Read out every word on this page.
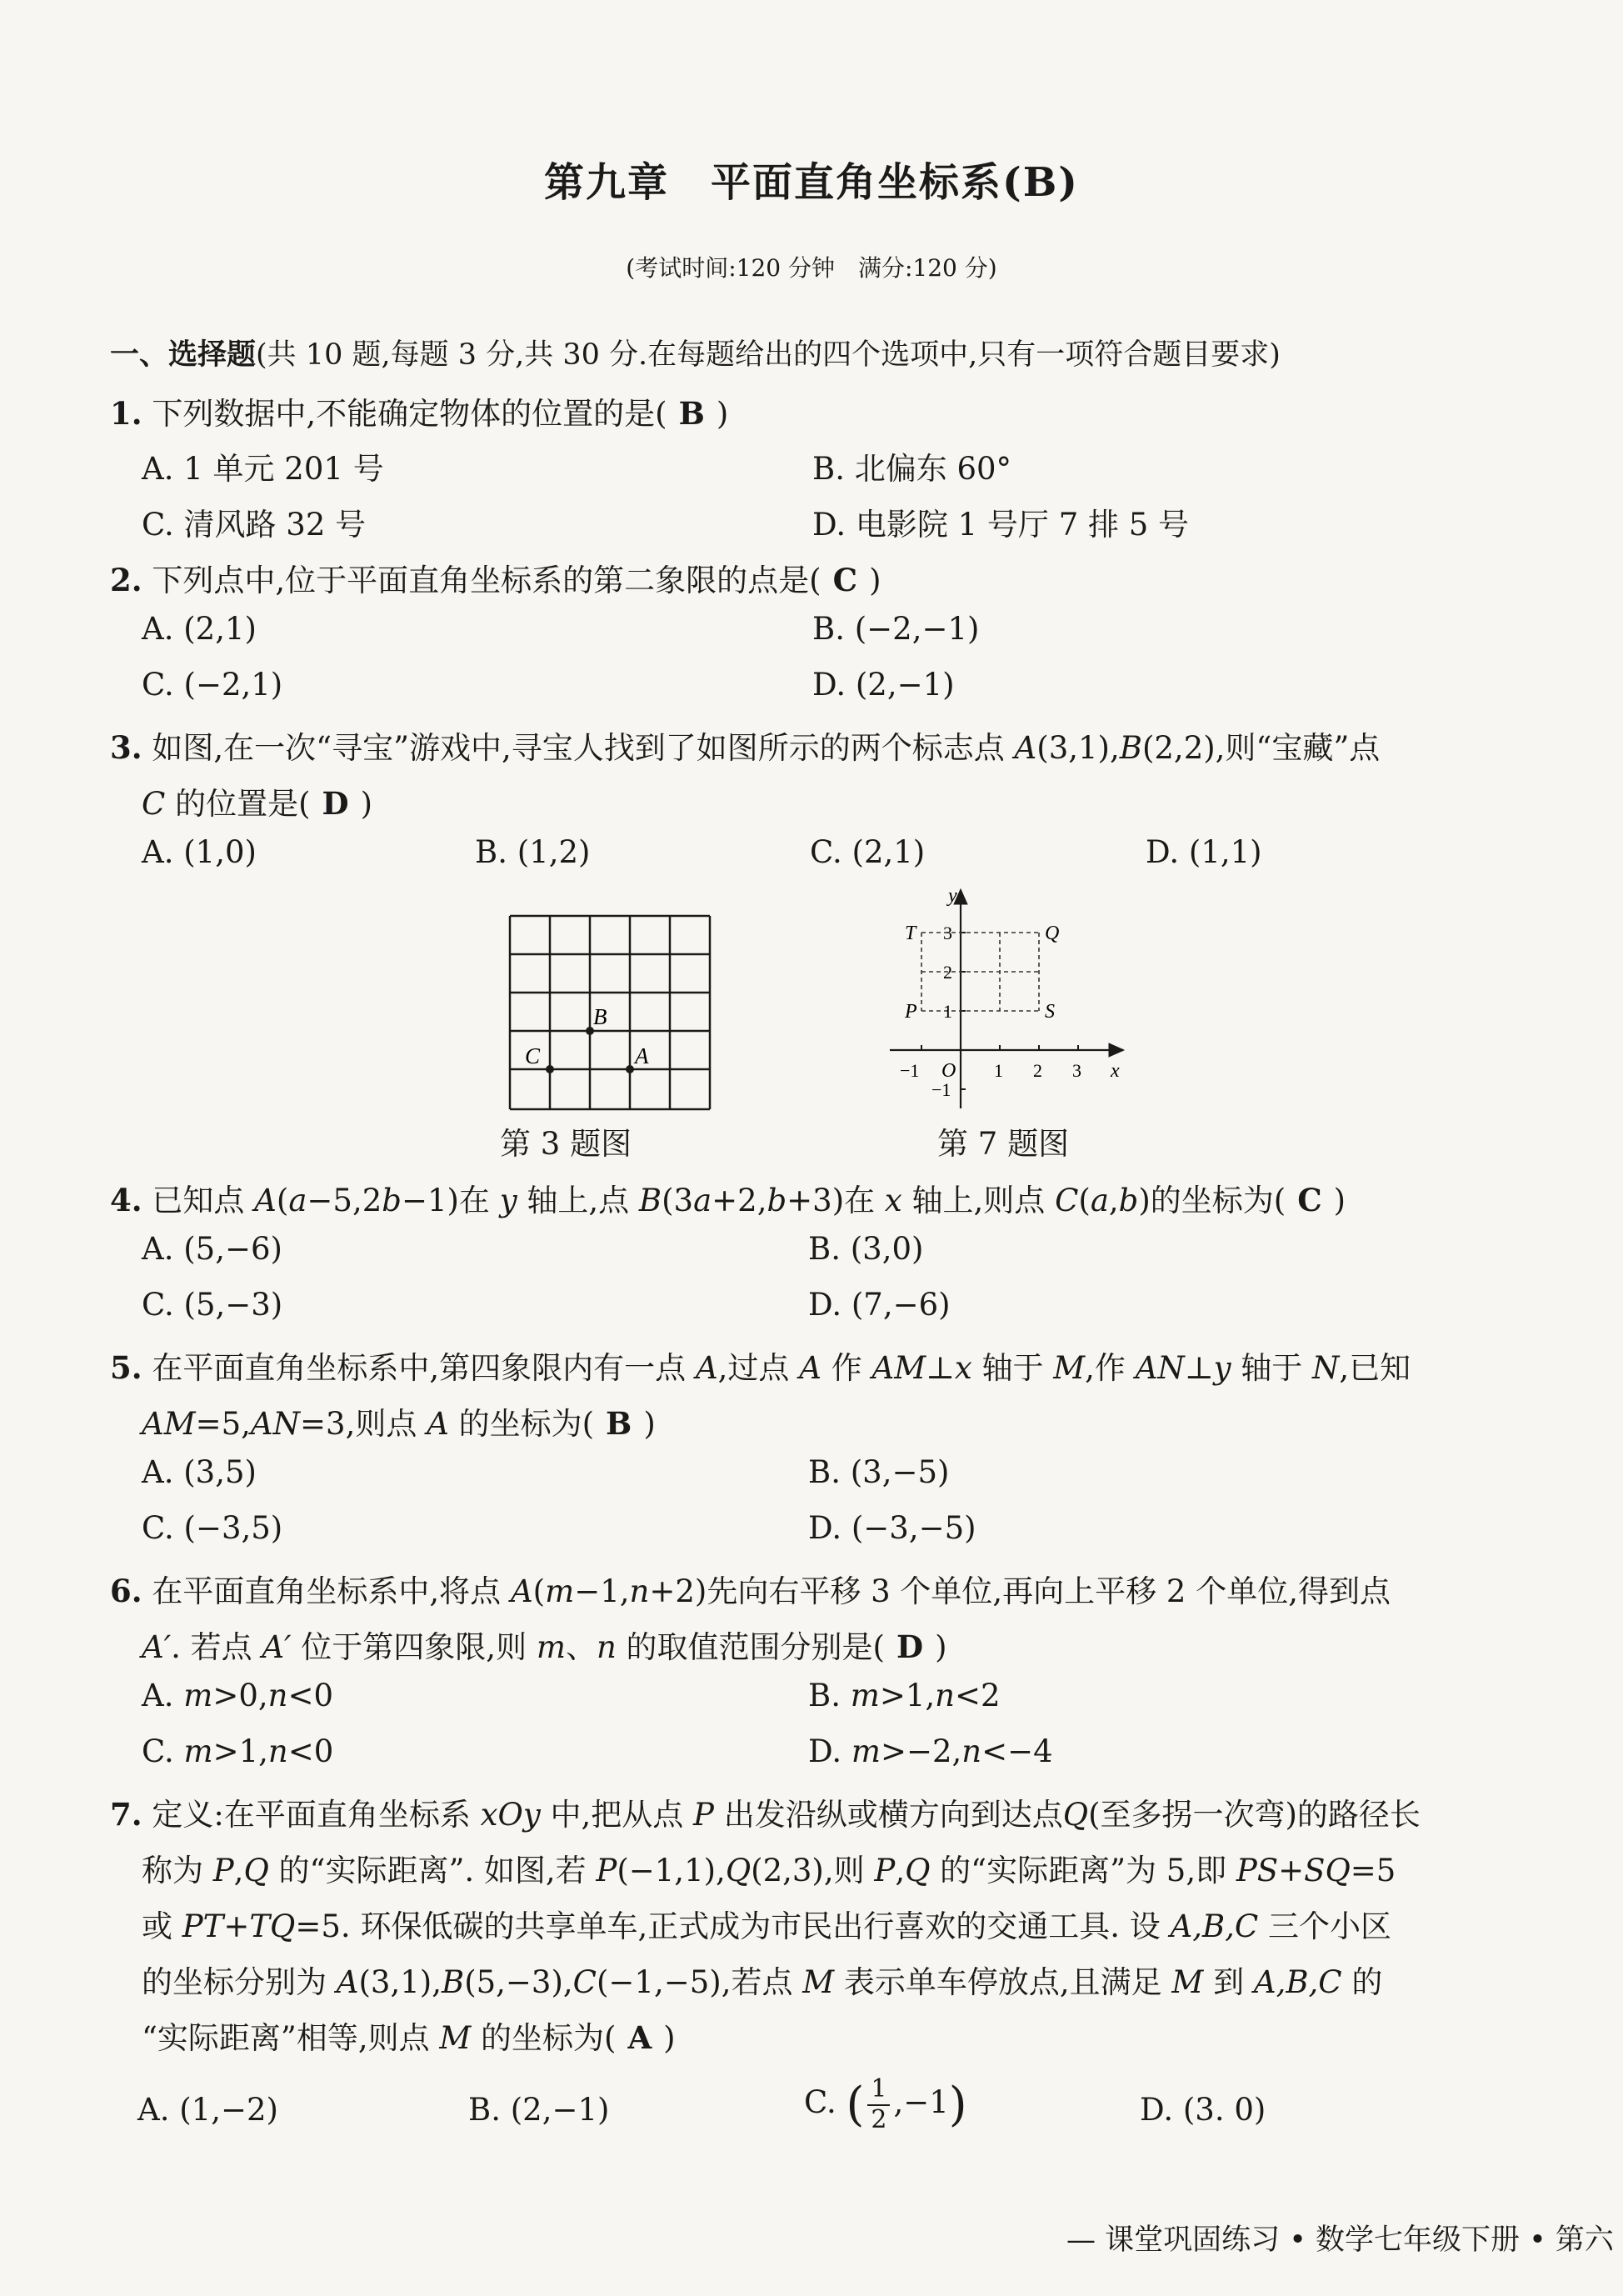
第九章　平面直角坐标系(B)
(考试时间:120 分钟　满分:120 分)
一、选择题(共 10 题,每题 3 分,共 30 分.在每题给出的四个选项中,只有一项符合题目要求)
1. 下列数据中,不能确定物体的位置的是( B )
A. 1 单元 201 号	B. 北偏东 60°
C. 清风路 32 号	D. 电影院 1 号厅 7 排 5 号
2. 下列点中,位于平面直角坐标系的第二象限的点是( C )
A. (2,1)	B. (−2,−1)
C. (−2,1)	D. (2,−1)
3. 如图,在一次“寻宝”游戏中,寻宝人找到了如图所示的两个标志点 A(3,1),B(2,2),则“宝藏”点
C 的位置是( D )
A. (1,0)	B. (1,2)	C. (2,1)	D. (1,1)
A
B
C
第 3 题图
y
x
O
−1	1 2 3
1
2
3
−1
P
Q
S
T
第 7 题图
4. 已知点 A(a−5,2b−1)在 y 轴上,点 B(3a+2,b+3)在 x 轴上,则点 C(a,b)的坐标为( C )
A. (5,−6)	B. (3,0)
C. (5,−3)	D. (7,−6)
5. 在平面直角坐标系中,第四象限内有一点 A,过点 A 作 AM⊥x 轴于 M,作 AN⊥y 轴于 N,已知
AM=5,AN=3,则点 A 的坐标为( B )
A. (3,5)	B. (3,−5)
C. (−3,5)	D. (−3,−5)
6. 在平面直角坐标系中,将点 A(m−1,n+2)先向右平移 3 个单位,再向上平移 2 个单位,得到点
A′. 若点 A′ 位于第四象限,则 m、n 的取值范围分别是( D )
A. m>0,n<0	B. m>1,n<2
C. m>1,n<0	D. m>−2,n<−4
7. 定义:在平面直角坐标系 xOy 中,把从点 P 出发沿纵或横方向到达点Q(至多拐一次弯)的路径长
称为 P,Q 的“实际距离”. 如图,若 P(−1,1),Q(2,3),则 P,Q 的“实际距离”为 5,即 PS+SQ=5
或 PT+TQ=5. 环保低碳的共享单车,正式成为市民出行喜欢的交通工具. 设 A,B,C 三个小区
的坐标分别为 A(3,1),B(5,−3),C(−1,−5),若点 M 表示单车停放点,且满足 M 到 A,B,C 的
“实际距离”相等,则点 M 的坐标为( A )
A. (1,−2)	B. (2,−1)	C. ( $\frac{1}{2} ,-1$)	D. (3. 0)
— 课堂巩固练习 • 数学七年级下册 • 第六
